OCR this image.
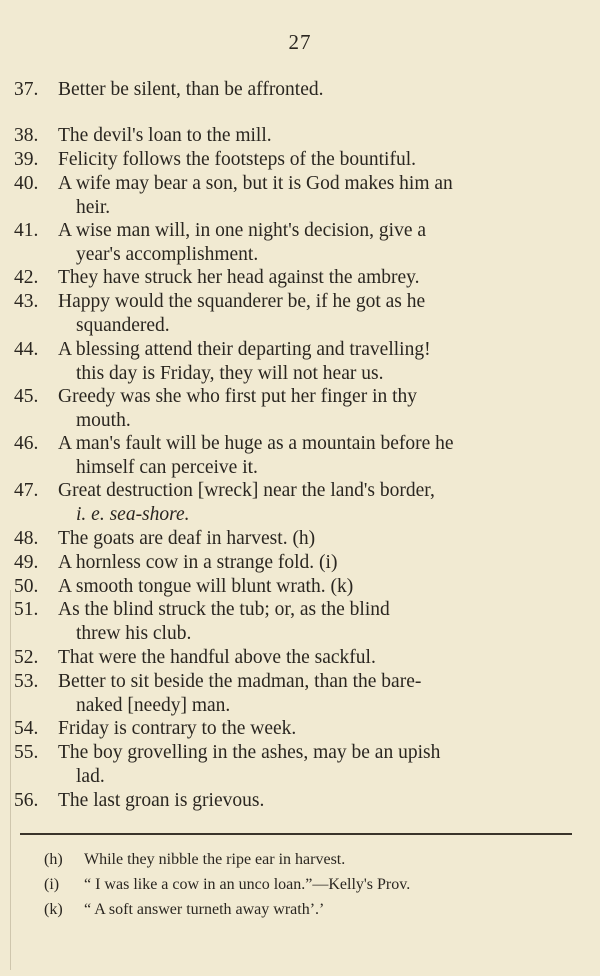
27
37.	Better be silent, than be affronted.
38.	The devil's loan to the mill.
39.	Felicity follows the footsteps of the bountiful.
40.	A wife may bear a son, but it is God makes him an
heir.
41.	A wise man will, in one night's decision, give a
year's accomplishment.
42.	They have struck her head against the ambrey.
43.	Happy would the squanderer be, if he got as he
squandered.
44.	A blessing attend their departing and travelling!
this day is Friday, they will not hear us.
45.	Greedy was she who first put her finger in thy
mouth.
46.	A man's fault will be huge as a mountain before he
himself can perceive it.
47.	Great destruction [wreck] near the land's border,
i. e. sea-shore.
48.	The goats are deaf in harvest. (h)
49.	A hornless cow in a strange fold. (i)
50.	A smooth tongue will blunt wrath. (k)
51.	As the blind struck the tub; or, as the blind
threw his club.
52.	That were the handful above the sackful.
53.	Better to sit beside the madman, than the bare-
naked [needy] man.
54.	Friday is contrary to the week.
55.	The boy grovelling in the ashes, may be an upish
lad.
56.	The last groan is grievous.
(h) While they nibble the ripe ear in harvest.
(i) “ I was like a cow in an unco loan.”—Kelly's Prov.
(k) “ A soft answer turneth away wrath’.’
